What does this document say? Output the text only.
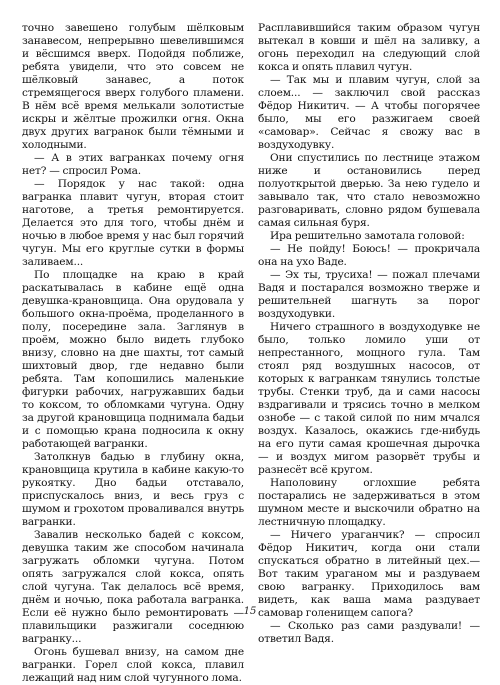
точно завешено голубым шёлковым занавесом, непрерывно шевелившимся и вёсшимся вверх. Подойдя поближе, ребята увидели, что это совсем не шёлковый занавес, а поток стремящегося вверх голубого пламени. В нём всё время мелькали золотистые искры и жёлтые прожилки огня. Окна двух других вагранок были тёмными и холодными.

— А в этих вагранках почему огня нет? — спросил Рома.

— Порядок у нас такой: одна вагранка плавит чугун, вторая стоит наготове, а третья ремонтируется. Делается это для того, чтобы днём и ночью в любое время у нас был горячий чугун. Мы его круглые сутки в формы заливаем...

По площадке на краю в край раскатывалась в кабине ещё одна девушка-крановщица. Она орудовала у большого окна-проёма, проделанного в полу, посередине зала. Заглянув в проём, можно было видеть глубоко внизу, словно на дне шахты, тот самый шихтовый двор, где недавно были ребята. Там копошились маленькие фигурки рабочих, нагружавших бадьи то коксом, то обломками чугуна. Одну за другой крановщица поднимала бадьи и с помощью крана подносила к окну работающей вагранки.

Затолкнув бадью в глубину окна, крановщица крутила в кабине какую-то рукоятку. Дно бадьи отставало, приспускалось вниз, и весь груз с шумом и грохотом проваливался внутрь вагранки.

Завалив несколько бадей с коксом, девушка таким же способом начинала загружать обломки чугуна. Потом опять загружался слой кокса, опять слой чугуна. Так делалось всё время, днём и ночью, пока работала вагранка. Если её нужно было ремонтировать — плавильщики разжигали соседнюю вагранку...

Огонь бушевал внизу, на самом дне вагранки. Горел слой кокса, плавил лежащий над ним слой чугунного лома.

Расплавившийся таким образом чугун вытекал в ковши и шёл на заливку, а огонь переходил на следующий слой кокса и опять плавил чугун.

— Так мы и плавим чугун, слой за слоем... — заключил свой рассказ Фёдор Никитич. — А чтобы погорячее было, мы его разжигаем своей «самовар». Сейчас я свожу вас в воздуходувку.

Они спустились по лестнице этажом ниже и остановились перед полуоткрытой дверью. За нею гудело и завывало так, что стало невозможно разговаривать, словно рядом бушевала самая сильная буря.

Ира решительно замотала головой:

— Не пойду! Боюсь! — прокричала она на ухо Ваде.

— Эх ты, трусиха! — пожал плечами Вадя и постарался возможно тверже и решительней шагнуть за порог воздуходувки.

Ничего страшного в воздуходувке не было, только ломило уши от непрестанного, мощного гула. Там стоял ряд воздушных насосов, от которых к вагранкам тянулись толстые трубы. Стенки труб, да и сами насосы вздрагивали и трясись точно в мелком ознобе — с такой силой по ним мчался воздух. Казалось, окажись где-нибудь на его пути самая крошечная дырочка — и воздух мигом разорвёт трубы и разнесёт всё кругом.

Наполовину оглохшие ребята постарались не задерживаться в этом шумном месте и выскочили обратно на лестничную площадку.

— Ничего ураганчик? — спросил Фёдор Никитич, когда они стали спускаться обратно в литейный цех.— Вот таким ураганом мы и раздуваем свою вагранку. Приходилось вам видеть, как ваша мама раздувает самовар голенищем сапога?

— Сколько раз сами раздували! — ответил Вадя.

15
